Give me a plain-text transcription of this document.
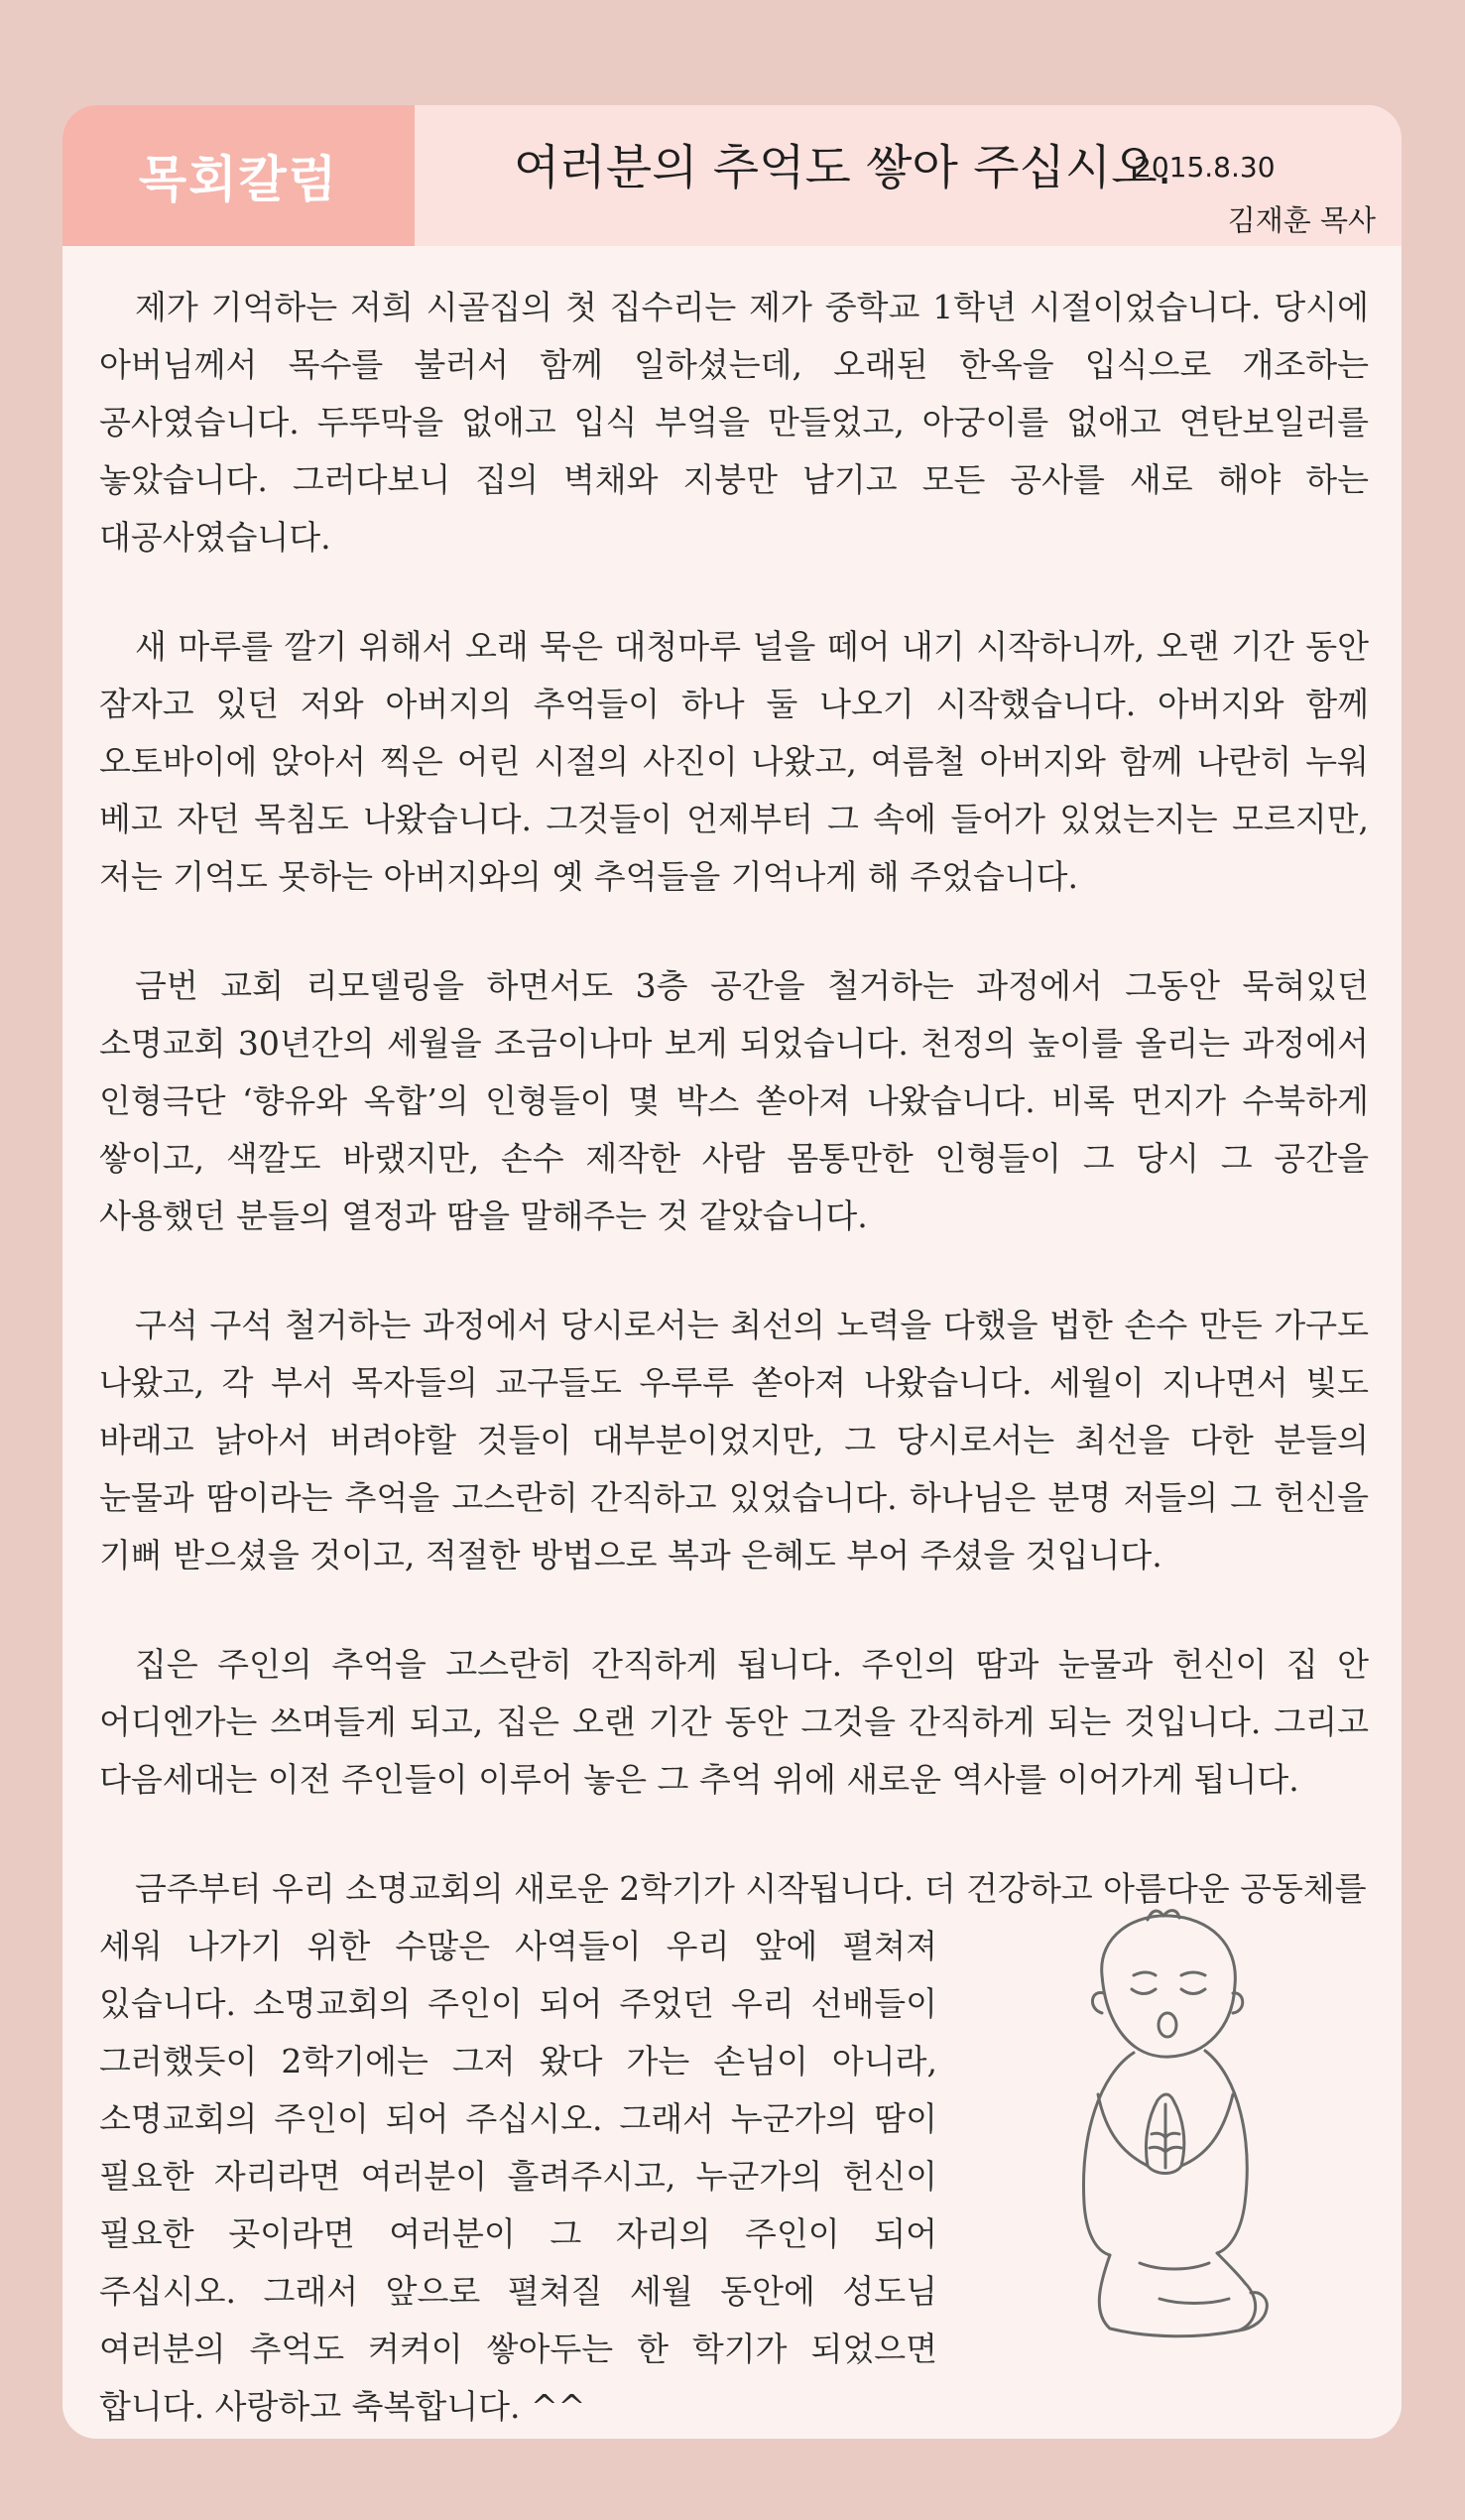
목회칼럼	여러분의 추억도 쌓아 주십시오.
2015.8.30
김재훈 목사

제가 기억하는 저희 시골집의 첫 집수리는 제가 중학교 1학년 시절이었습니다. 당시에 아버님께서 목수를 불러서 함께 일하셨는데, 오래된 한옥을 입식으로 개조하는 공사였습니다. 두뚜막을 없애고 입식 부엌을 만들었고, 아궁이를 없애고 연탄보일러를 놓았습니다. 그러다보니 집의 벽채와 지붕만 남기고 모든 공사를 새로 해야 하는 대공사였습니다.

새 마루를 깔기 위해서 오래 묵은 대청마루 널을 떼어 내기 시작하니까, 오랜 기간 동안 잠자고 있던 저와 아버지의 추억들이 하나 둘 나오기 시작했습니다. 아버지와 함께 오토바이에 앉아서 찍은 어린 시절의 사진이 나왔고, 여름철 아버지와 함께 나란히 누워 베고 자던 목침도 나왔습니다. 그것들이 언제부터 그 속에 들어가 있었는지는 모르지만, 저는 기억도 못하는 아버지와의 옛 추억들을 기억나게 해 주었습니다.

금번 교회 리모델링을 하면서도 3층 공간을 철거하는 과정에서 그동안 묵혀있던 소명교회 30년간의 세월을 조금이나마 보게 되었습니다. 천정의 높이를 올리는 과정에서 인형극단 ‘향유와 옥합’의 인형들이 몇 박스 쏟아져 나왔습니다. 비록 먼지가 수북하게 쌓이고, 색깔도 바랬지만, 손수 제작한 사람 몸통만한 인형들이 그 당시 그 공간을 사용했던 분들의 열정과 땀을 말해주는 것 같았습니다.

구석 구석 철거하는 과정에서 당시로서는 최선의 노력을 다했을 법한 손수 만든 가구도 나왔고, 각 부서 목자들의 교구들도 우루루 쏟아져 나왔습니다. 세월이 지나면서 빛도 바래고 낡아서 버려야할 것들이 대부분이었지만, 그 당시로서는 최선을 다한 분들의 눈물과 땀이라는 추억을 고스란히 간직하고 있었습니다. 하나님은 분명 저들의 그 헌신을 기뻐 받으셨을 것이고, 적절한 방법으로 복과 은혜도 부어 주셨을 것입니다.

집은 주인의 추억을 고스란히 간직하게 됩니다. 주인의 땀과 눈물과 헌신이 집 안 어디엔가는 쓰며들게 되고, 집은 오랜 기간 동안 그것을 간직하게 되는 것입니다. 그리고 다음세대는 이전 주인들이 이루어 놓은 그 추억 위에 새로운 역사를 이어가게 됩니다.

금주부터 우리 소명교회의 새로운 2학기가 시작됩니다. 더 건강하고 아름다운 공동체를

세워 나가기 위한 수많은 사역들이 우리 앞에 펼쳐져 있습니다. 소명교회의 주인이 되어 주었던 우리 선배들이 그러했듯이 2학기에는 그저 왔다 가는 손님이 아니라, 소명교회의 주인이 되어 주십시오. 그래서 누군가의 땀이 필요한 자리라면 여러분이 흘려주시고, 누군가의 헌신이 필요한 곳이라면 여러분이 그 자리의 주인이 되어 주십시오. 그래서 앞으로 펼쳐질 세월 동안에 성도님 여러분의 추억도 켜켜이 쌓아두는 한 학기가 되었으면 합니다. 사랑하고 축복합니다. ^^
